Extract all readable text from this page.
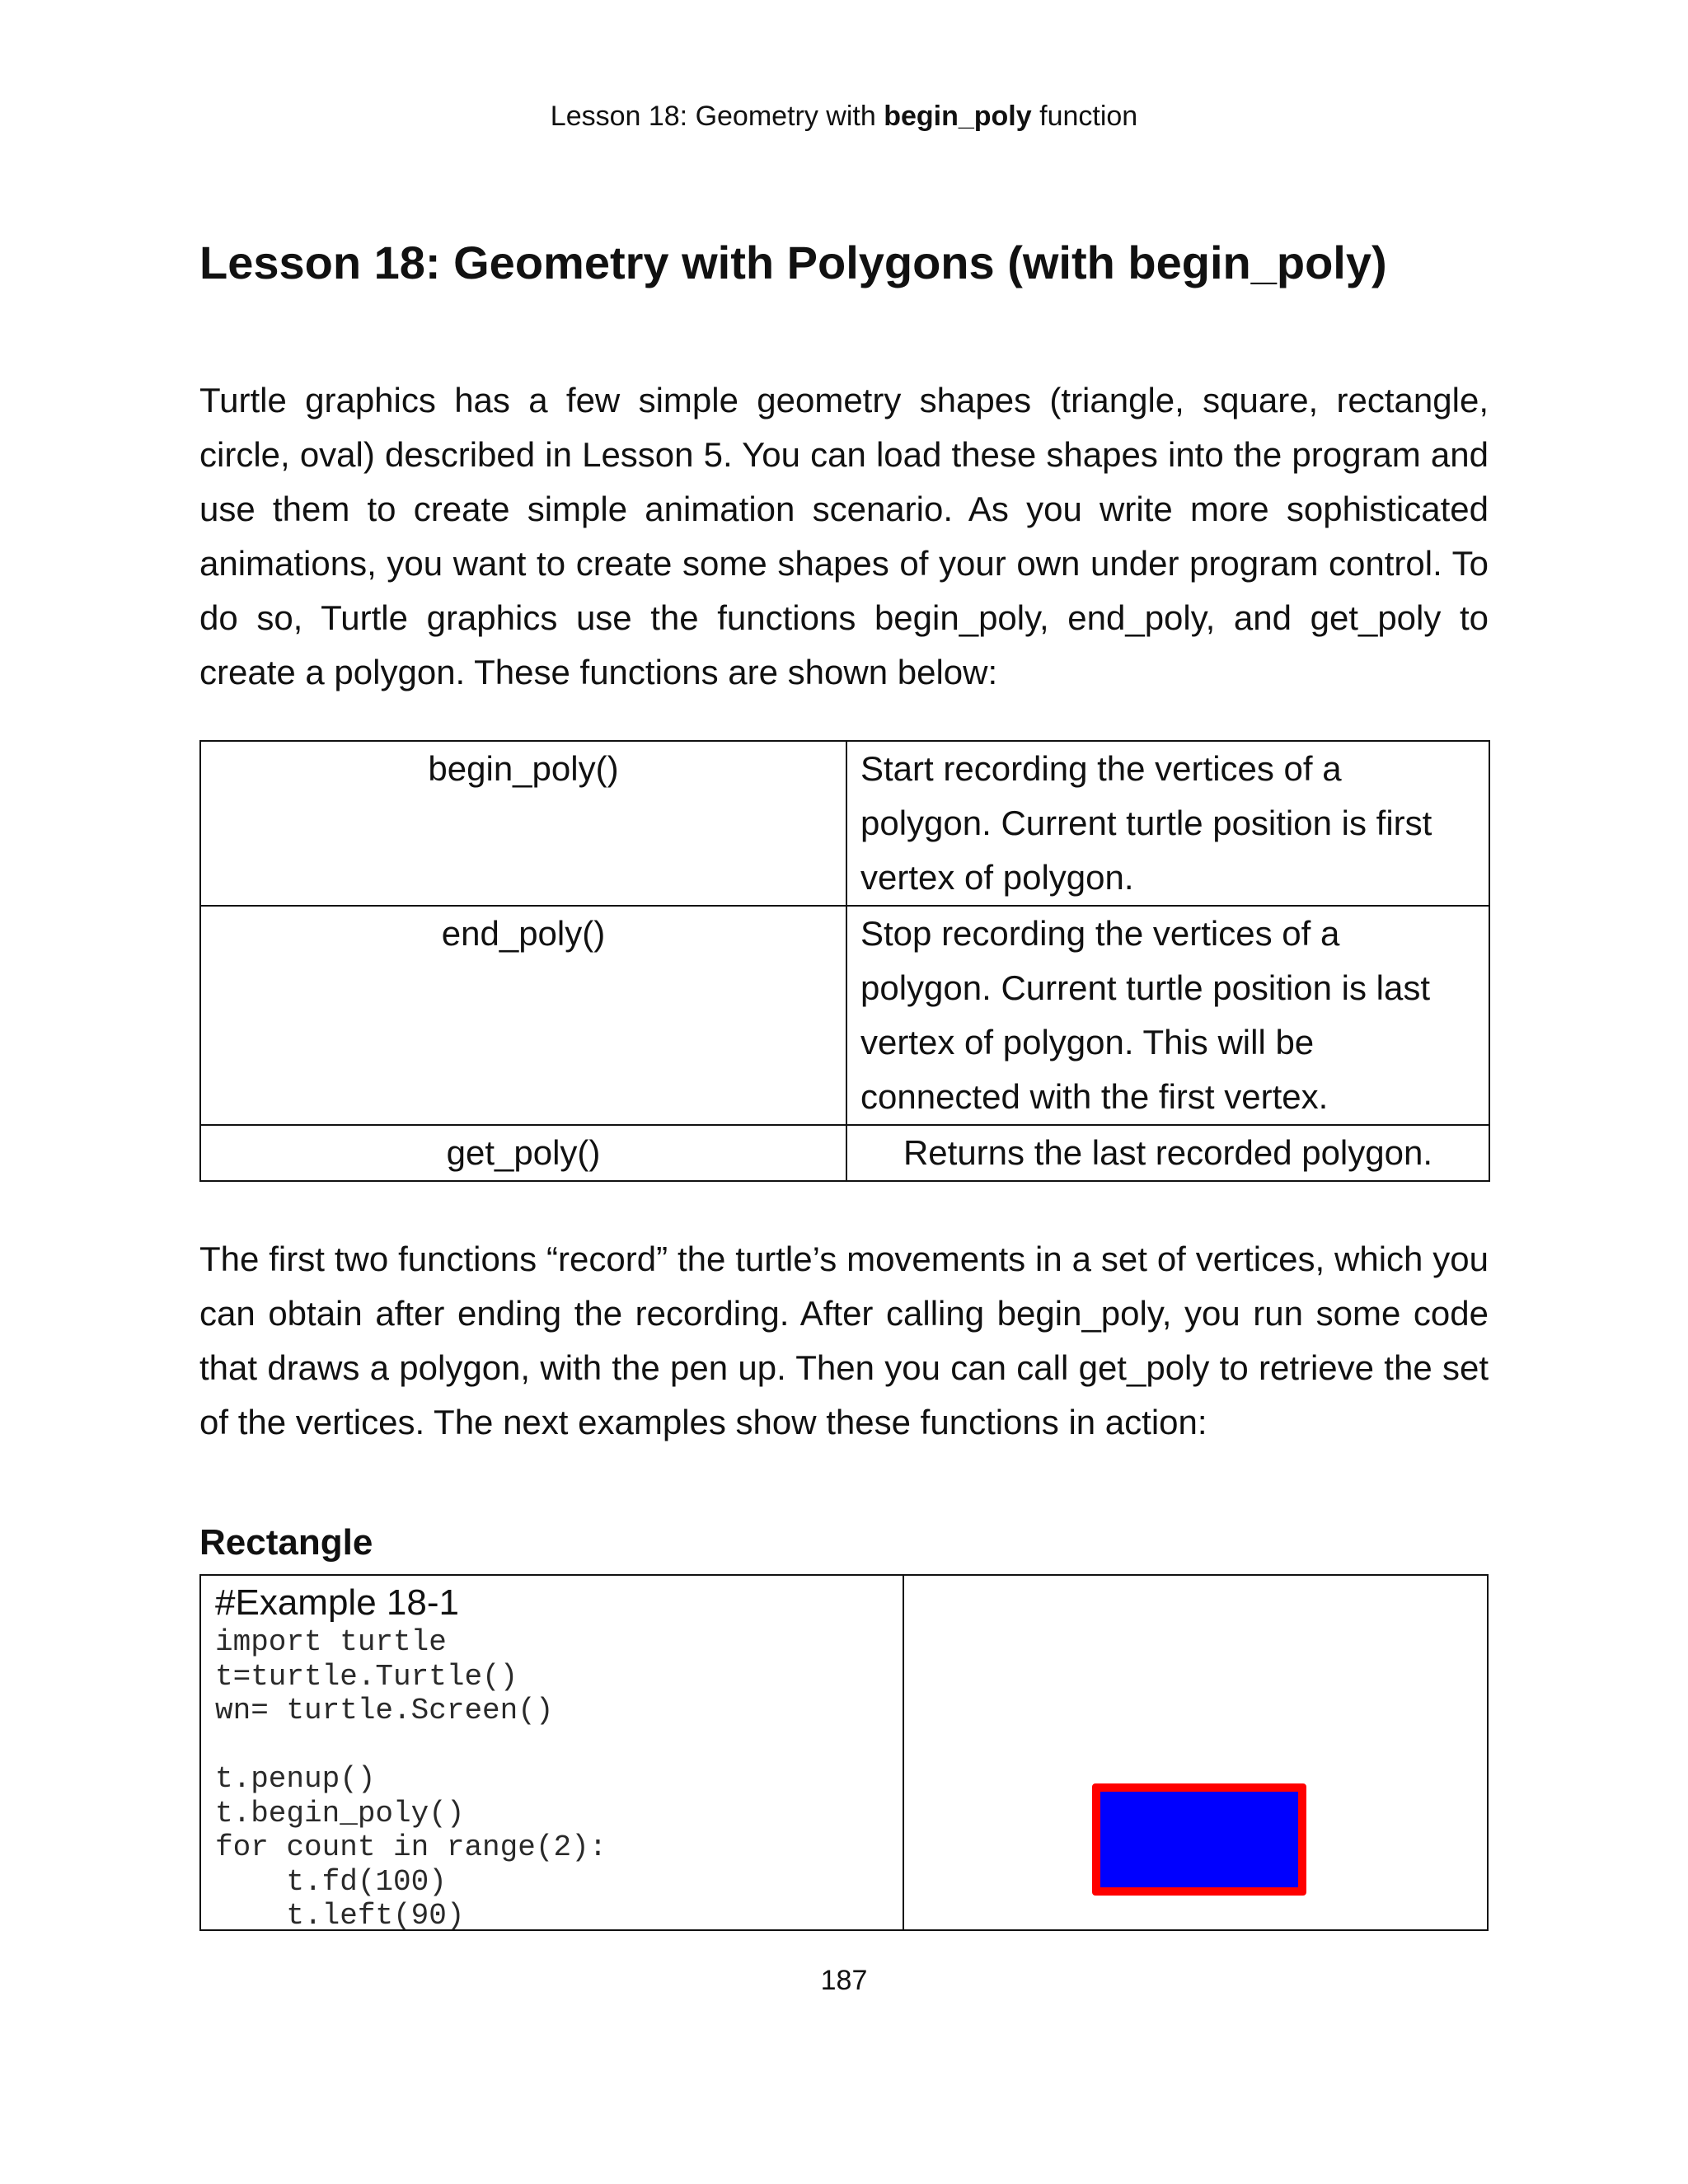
Lesson 18: Geometry with begin_poly function
Lesson 18: Geometry with Polygons (with begin_poly)

Turtle graphics has a few simple geometry shapes (triangle, square, rectangle, circle, oval) described in Lesson 5. You can load these shapes into the program and use them to create simple animation scenario. As you write more sophisticated animations, you want to create some shapes of your own under program control. To do so, Turtle graphics use the functions begin_poly, end_poly, and get_poly to create a polygon. These functions are shown below:

begin_poly()	Start recording the vertices of a polygon. Current turtle position is first vertex of polygon.
end_poly()	Stop recording the vertices of a polygon. Current turtle position is last vertex of polygon. This will be connected with the first vertex.
get_poly()	Returns the last recorded polygon.

The first two functions “record” the turtle’s movements in a set of vertices, which you can obtain after ending the recording. After calling begin_poly, you run some code that draws a polygon, with the pen up. Then you can call get_poly to retrieve the set of the vertices. The next examples show these functions in action:

Rectangle
#Example 18-1
import turtle
t=turtle.Turtle()
wn= turtle.Screen()
t.penup()
t.begin_poly()
for count in range(2):
t.fd(100)
t.left(90)
187
